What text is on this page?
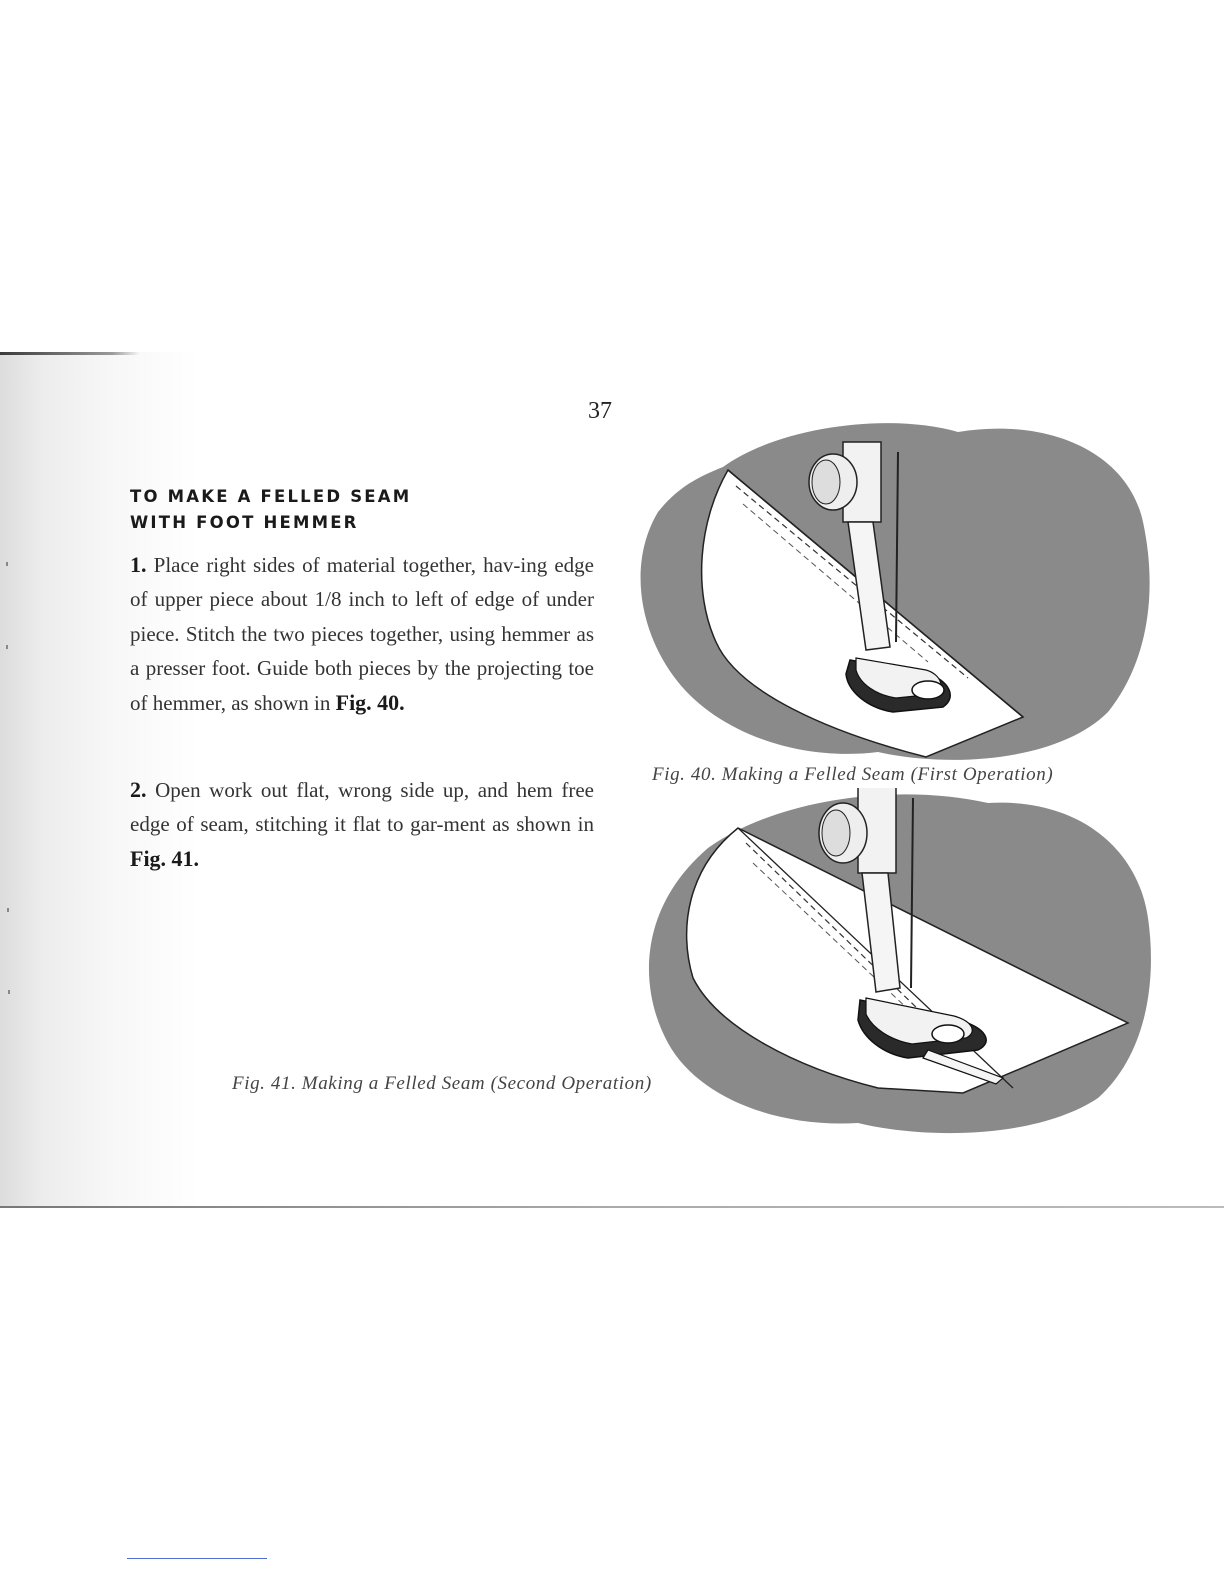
37

TO MAKE A FELLED SEAM
WITH FOOT HEMMER

1. Place right sides of material together, hav-ing edge of upper piece about 1/8 inch to left of edge of under piece. Stitch the two pieces together, using hemmer as a presser foot. Guide both pieces by the projecting toe of hemmer, as shown in Fig. 40.

2. Open work out flat, wrong side up, and hem free edge of seam, stitching it flat to gar-ment as shown in Fig. 41.

Fig. 40. Making a Felled Seam (First Operation)

Fig. 41. Making a Felled Seam (Second Operation)
